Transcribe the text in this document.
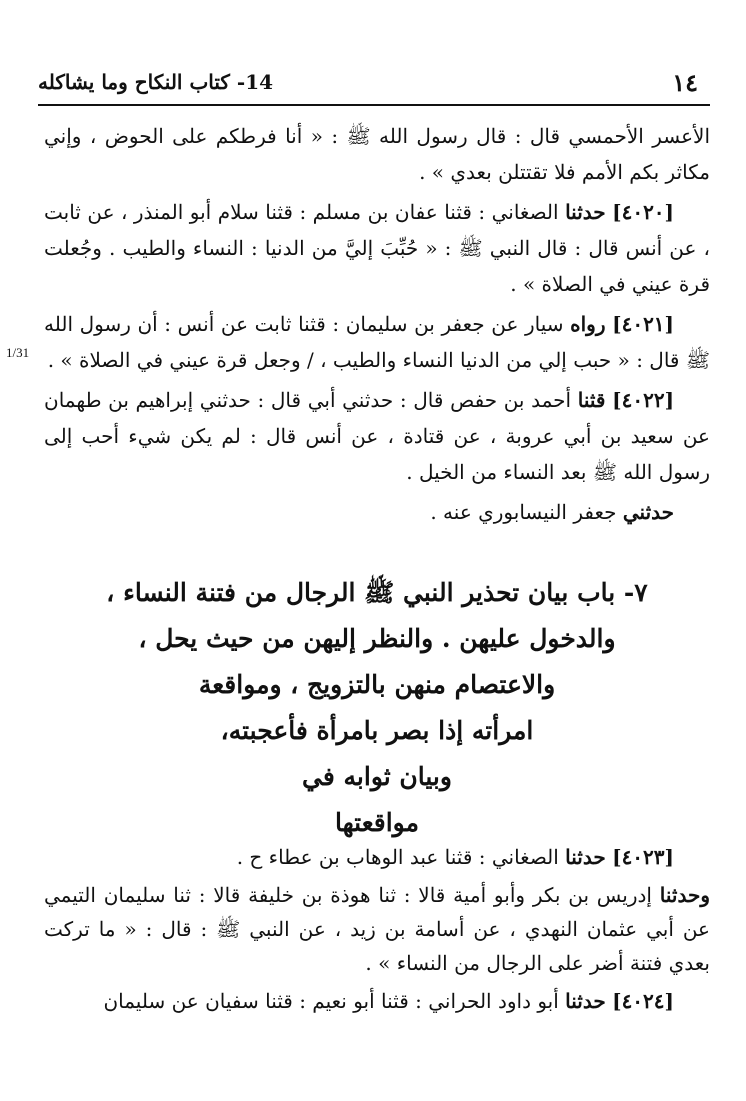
١٤
14- كتاب النكاح وما يشاكله
1/31

الأعسر الأحمسي قال : قال رسول الله ﷺ : « أنا فرطكم على الحوض ، وإني مكاثر بكم الأمم فلا تقتتلن بعدي » .

[٤٠٢٠] حدثنا الصغاني : قثنا عفان بن مسلم : قثنا سلام أبو المنذر ، عن ثابت ، عن أنس قال : قال النبي ﷺ : « حُبِّبَ إليَّ من الدنيا : النساء والطيب . وجُعلت قرة عيني في الصلاة » .

[٤٠٢١] رواه سيار عن جعفر بن سليمان : قثنا ثابت عن أنس : أن رسول الله ﷺ قال : « حبب إلي من الدنيا النساء والطيب ، / وجعل قرة عيني في الصلاة » .

[٤٠٢٢] قثنا أحمد بن حفص قال : حدثني أبي قال : حدثني إبراهيم بن طهمان عن سعيد بن أبي عروبة ، عن قتادة ، عن أنس قال : لم يكن شيء أحب إلى رسول الله ﷺ بعد النساء من الخيل .

حدثني جعفر النيسابوري عنه .

٧- باب بيان تحذير النبي ﷺ الرجال من فتنة النساء ،
والدخول عليهن . والنظر إليهن من حيث يحل ،
والاعتصام منهن بالتزويج ، ومواقعة
امرأته إذا بصر بامرأة فأعجبته،
وبيان ثوابه في
مواقعتها

[٤٠٢٣] حدثنا الصغاني : قثنا عبد الوهاب بن عطاء ح .

وحدثنا إدريس بن بكر وأبو أمية قالا : ثنا هوذة بن خليفة قالا : ثنا سليمان التيمي عن أبي عثمان النهدي ، عن أسامة بن زيد ، عن النبي ﷺ : قال : « ما تركت بعدي فتنة أضر على الرجال من النساء » .

[٤٠٢٤] حدثنا أبو داود الحراني : قثنا أبو نعيم : قثنا سفيان عن سليمان
